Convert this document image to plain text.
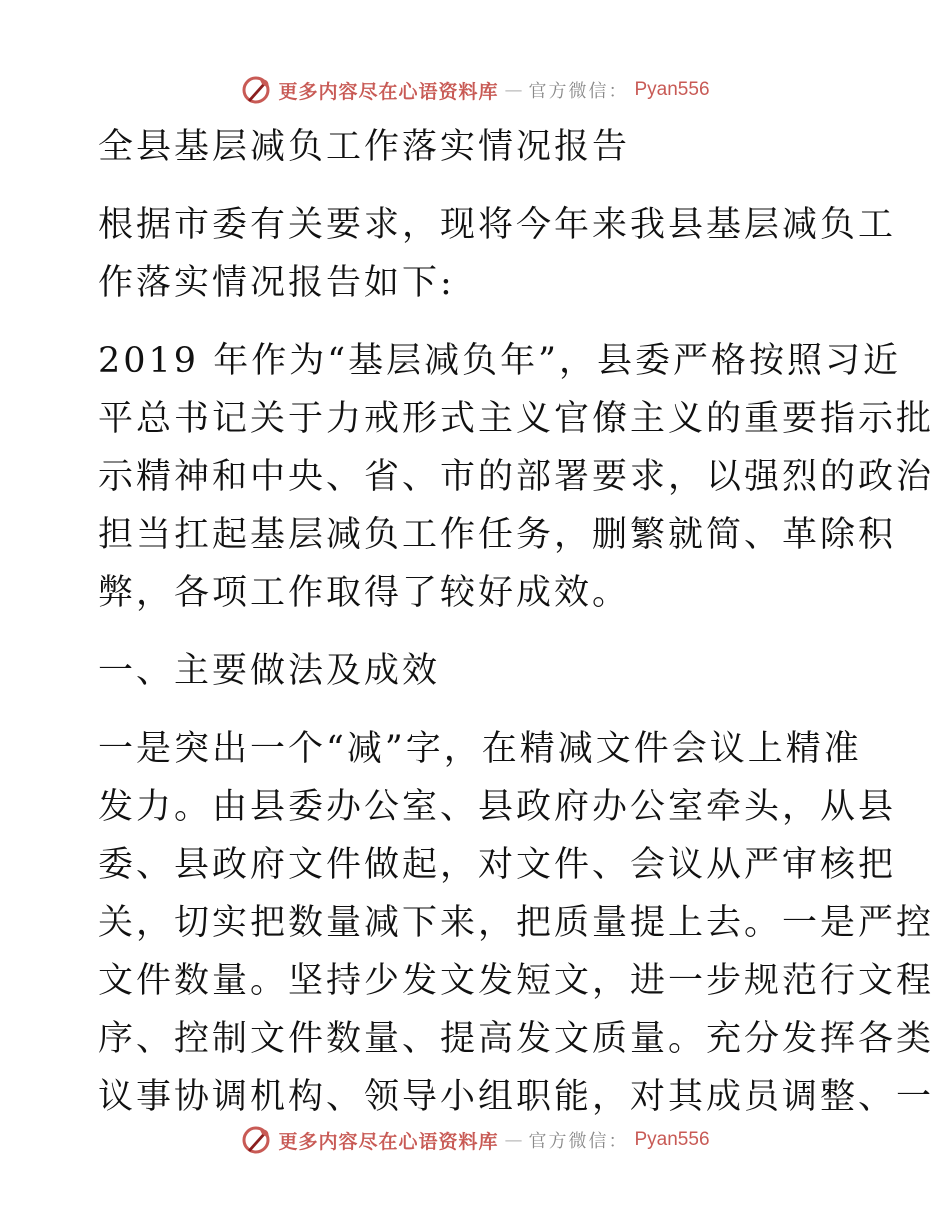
更多内容尽在心语资料库 — 官方微信： Pyan556
全县基层减负工作落实情况报告
根据市委有关要求，现将今年来我县基层减负工
作落实情况报告如下:
2019 年作为“基层减负年”，县委严格按照习近
平总书记关于力戒形式主义官僚主义的重要指示批
示精神和中央、省、市的部署要求，以强烈的政治
担当扛起基层减负工作任务，删繁就简、革除积
弊，各项工作取得了较好成效。
一、主要做法及成效
一是突出一个“减”字，在精减文件会议上精准
发力。由县委办公室、县政府办公室牵头，从县
委、县政府文件做起，对文件、会议从严审核把
关，切实把数量减下来，把质量提上去。一是严控
文件数量。坚持少发文发短文，进一步规范行文程
序、控制文件数量、提高发文质量。充分发挥各类
议事协调机构、领导小组职能，对其成员调整、一
更多内容尽在心语资料库 — 官方微信： Pyan556
